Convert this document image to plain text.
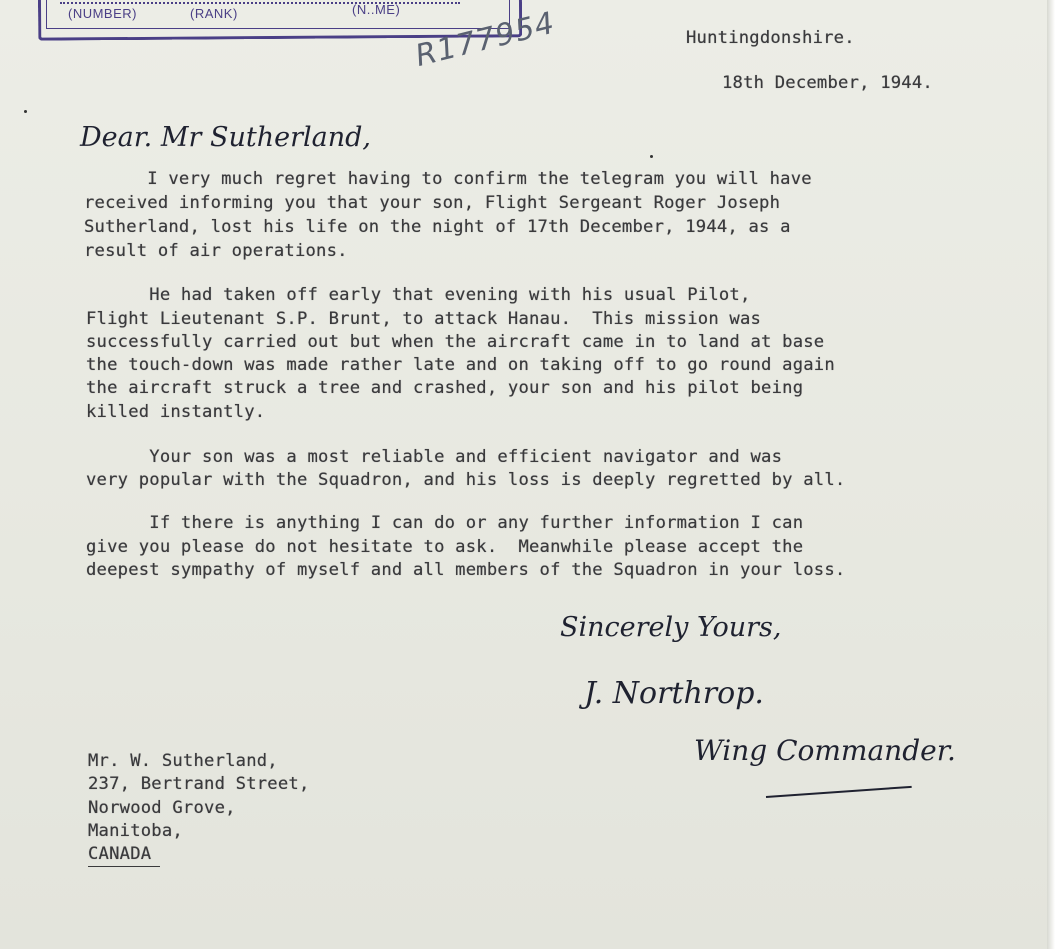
(NUMBER)	(RANK)	(N..ME) R177954	Huntingdonshire.

18th December, 1944.

Dear. Mr Sutherland,

I very much regret having to confirm the telegram you will have

received informing you that your son, Flight Sergeant Roger Joseph

Sutherland, lost his life on the night of 17th December, 1944, as a

result of air operations.

He had taken off early that evening with his usual Pilot,

Flight Lieutenant S.P. Brunt, to attack Hanau.  This mission was

successfully carried out but when the aircraft came in to land at base

the touch-down was made rather late and on taking off to go round again

the aircraft struck a tree and crashed, your son and his pilot being

killed instantly.

Your son was a most reliable and efficient navigator and was

very popular with the Squadron, and his loss is deeply regretted by all.

If there is anything I can do or any further information I can

give you please do not hesitate to ask.  Meanwhile please accept the

deepest sympathy of myself and all members of the Squadron in your loss.

Sincerely Yours,

J. Northrop.

Wing Commander.

Mr. W. Sutherland,

237, Bertrand Street,

Norwood Grove,

Manitoba,

CANADA
